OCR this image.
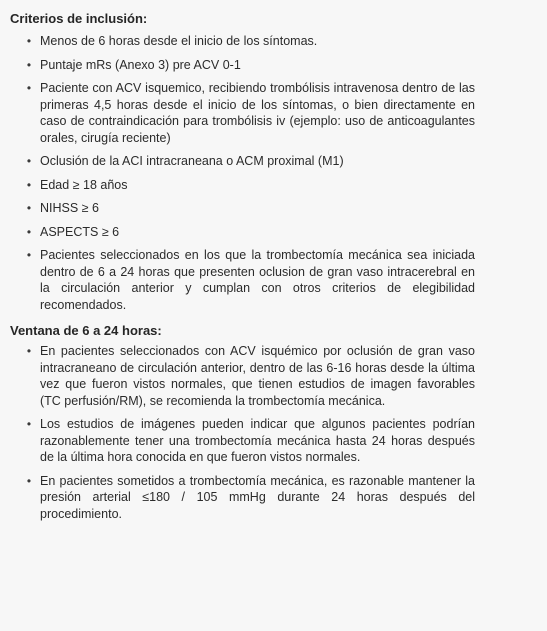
Criterios de inclusión:
• Menos de 6 horas desde el inicio de los síntomas.
• Puntaje mRs (Anexo 3) pre ACV 0-1
• Paciente con ACV isquemico, recibiendo trombólisis intravenosa dentro de las primeras 4,5 horas desde el inicio de los síntomas, o bien directamente en caso de contraindicación para trombólisis iv (ejemplo: uso de anticoagulantes orales, cirugía reciente)
• Oclusión de la ACI intracraneana o ACM proximal (M1)
• Edad ≥ 18 años
• NIHSS ≥ 6
• ASPECTS ≥ 6
• Pacientes seleccionados en los que la trombectomía mecánica sea iniciada dentro de 6 a 24 horas que presenten oclusion de gran vaso intracerebral en la circulación anterior y cumplan con otros criterios de elegibilidad recomendados.
Ventana de 6 a 24 horas:
• En pacientes seleccionados con ACV isquémico por oclusión de gran vaso intracraneano de circulación anterior, dentro de las 6-16 horas desde la última vez que fueron vistos normales, que tienen estudios de imagen favorables (TC perfusión/RM), se recomienda la trombectomía mecánica.
• Los estudios de imágenes pueden indicar que algunos pacientes podrían razonablemente tener una trombectomía mecánica hasta 24 horas después de la última hora conocida en que fueron vistos normales.
• En pacientes sometidos a trombectomía mecánica, es razonable mantener la presión arterial ≤180 / 105 mmHg durante 24 horas después del procedimiento.
